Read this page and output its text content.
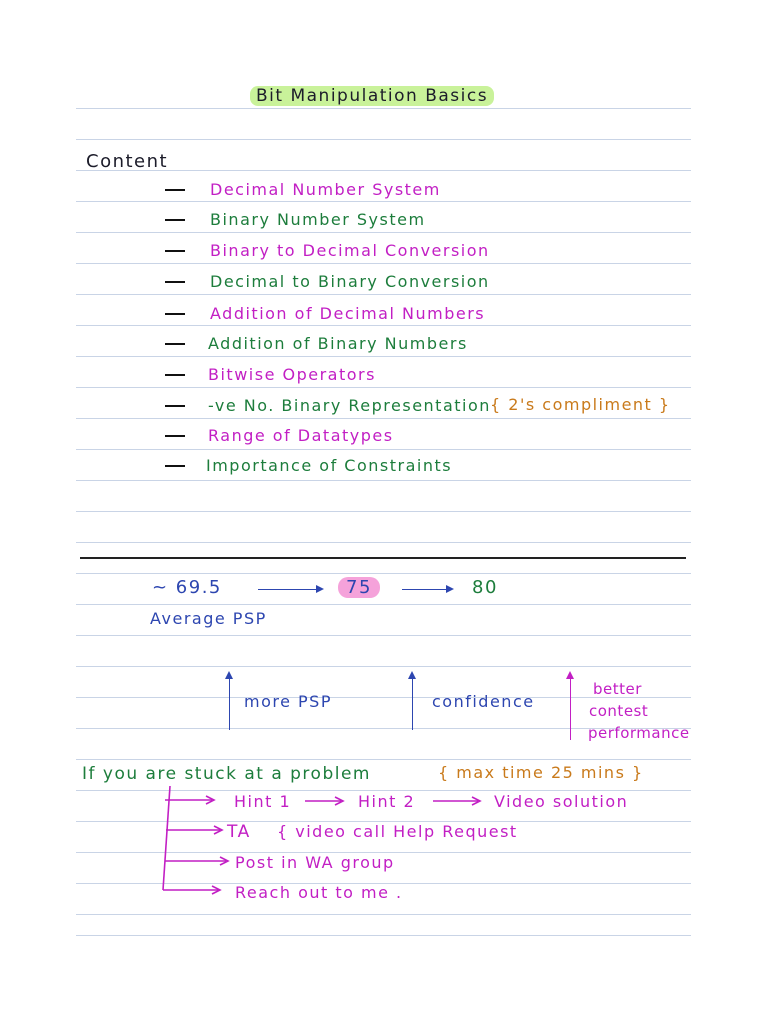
Bit Manipulation Basics
Content
Decimal Number System
Binary Number System
Binary to Decimal Conversion
Decimal to Binary Conversion
Addition of Decimal Numbers
Addition of Binary Numbers
Bitwise Operators
-ve No. Binary Representation { 2's compliment }
Range of Datatypes
Importance of Constraints
~ 69.5	75	80
Average PSP
more PSP	confidence
better
contest
performance
If you are stuck at a problem	{ max time 25 mins }
Hint 1	Hint 2	Video solution
TA { video call Help Request
Post in WA group
Reach out to me .
